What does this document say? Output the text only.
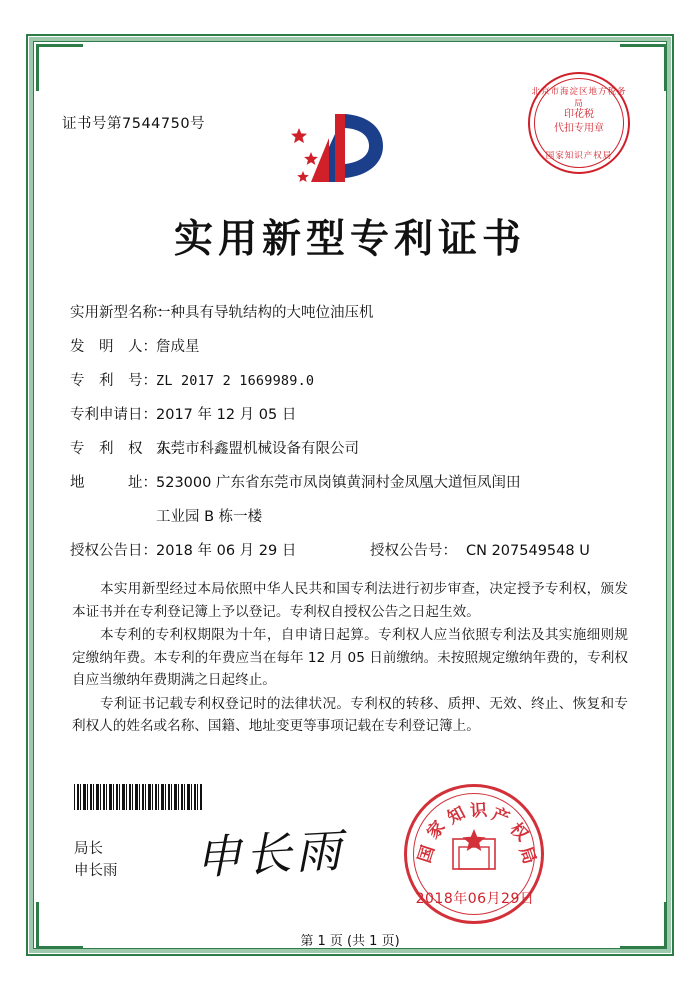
证书号第7544750号
北京市海淀区地方税务局
印花税
代扣专用章
国家知识产权局
实用新型专利证书
实用新型名称：
一种具有导轨结构的大吨位油压机
发　明　人： 詹成星
专　利　号： ZL 2017 2 1669989.0
专利申请日： 2017 年 12 月 05 日
专　利　权　人：
东莞市科鑫盟机械设备有限公司
地　　　址： 523000 广东省东莞市凤岗镇黄洞村金凤凰大道恒凤闺田
工业园 B 栋一楼
授权公告日： 2018 年 06 月 29 日	授权公告号： CN 207549548 U

本实用新型经过本局依照中华人民共和国专利法进行初步审查，决定授予专利权，颁发本证书并在专利登记簿上予以登记。专利权自授权公告之日起生效。

本专利的专利权期限为十年，自申请日起算。专利权人应当依照专利法及其实施细则规定缴纳年费。本专利的年费应当在每年 12 月 05 日前缴纳。未按照规定缴纳年费的，专利权自应当缴纳年费期满之日起终止。

专利证书记载专利权登记时的法律状况。专利权的转移、质押、无效、终止、恢复和专利权人的姓名或名称、国籍、地址变更等事项记载在专利登记簿上。

局长
申长雨 申长雨	国
家
知 识 产
权
局
2018年06月29日
第 1 页 (共 1 页)
